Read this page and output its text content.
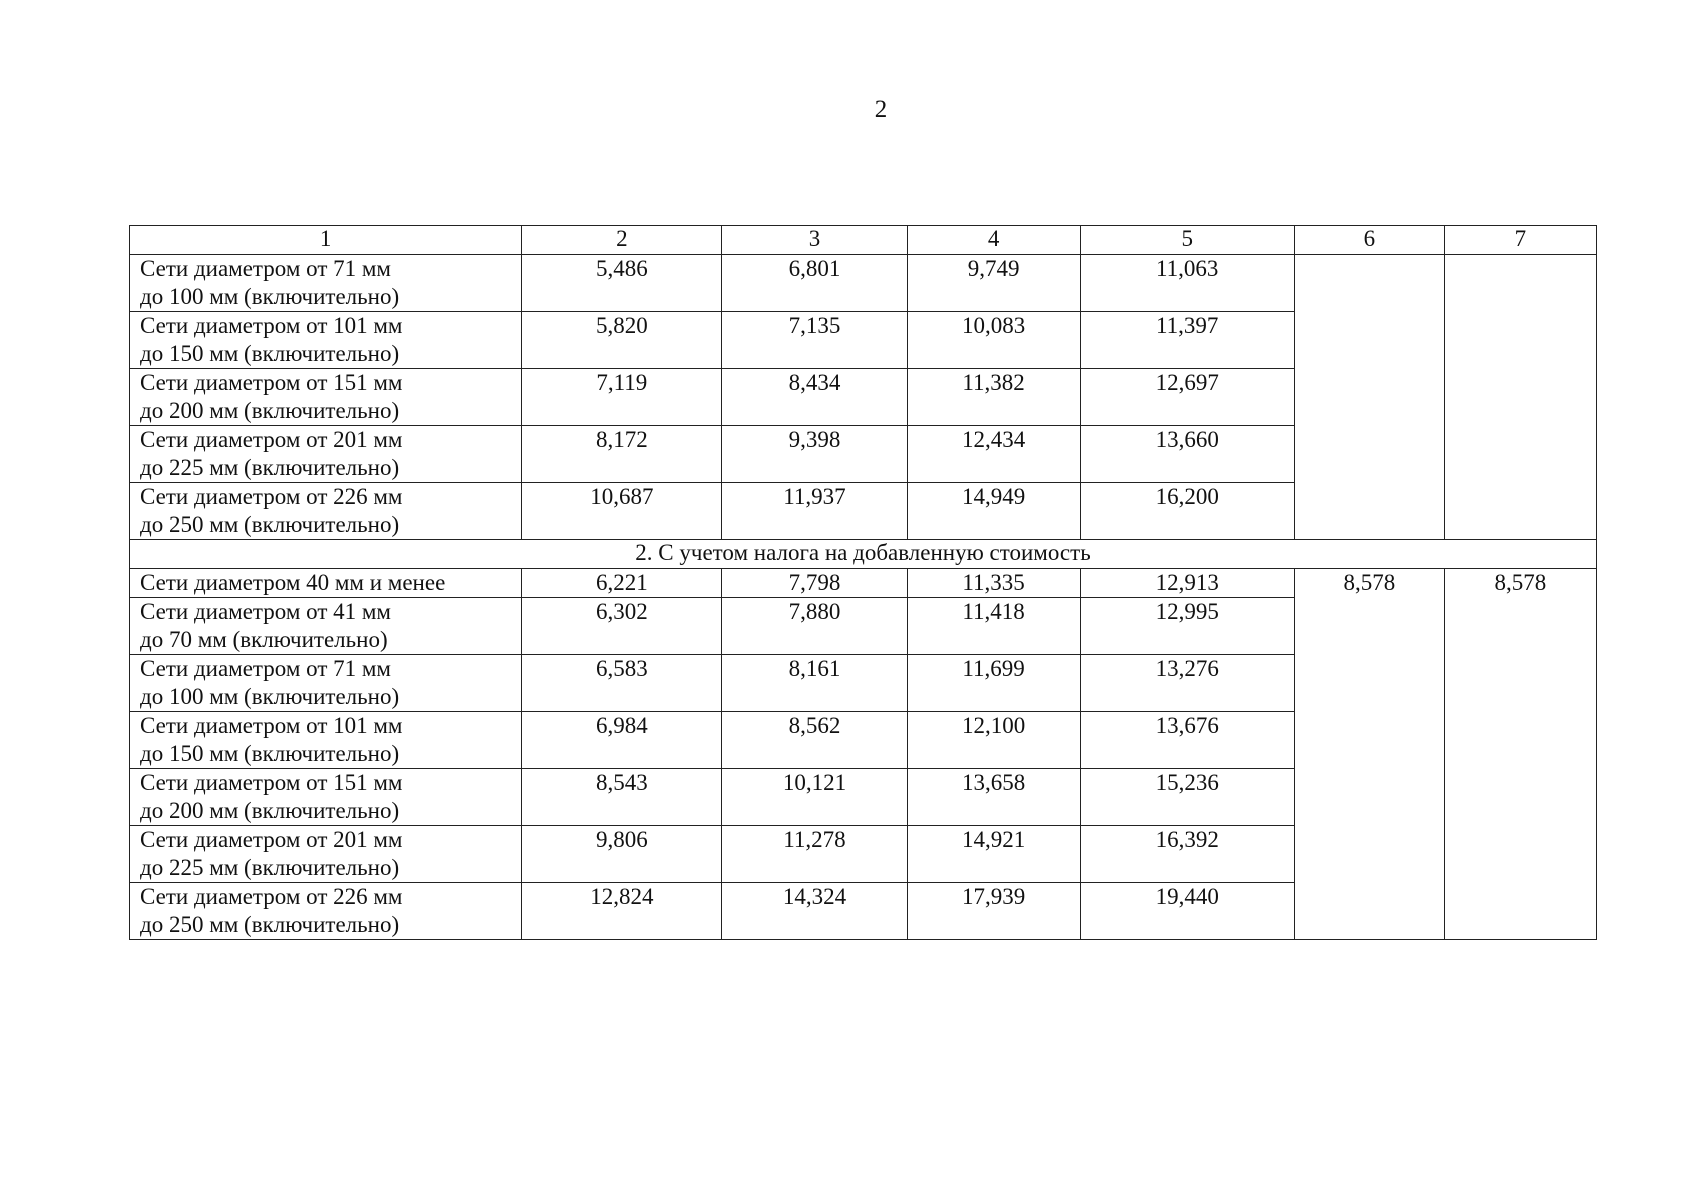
2
1	2	3	4	5	6	7
Сети диаметром от 71 мм
до 100 мм (включительно)	5,486	6,801	9,749	11,063		
Сети диаметром от 101 мм
до 150 мм (включительно)	5,820	7,135	10,083	11,397		
Сети диаметром от 151 мм
до 200 мм (включительно)	7,119	8,434	11,382	12,697		
Сети диаметром от 201 мм
до 225 мм (включительно)	8,172	9,398	12,434	13,660		
Сети диаметром от 226 мм
до 250 мм (включительно)	10,687	11,937	14,949	16,200		
2. С учетом налога на добавленную стоимость						
Сети диаметром 40 мм и менее	6,221	7,798	11,335	12,913	8,578	8,578
Сети диаметром от 41 мм
до 70 мм (включительно)	6,302	7,880	11,418	12,995		
Сети диаметром от 71 мм
до 100 мм (включительно)	6,583	8,161	11,699	13,276		
Сети диаметром от 101 мм
до 150 мм (включительно)	6,984	8,562	12,100	13,676		
Сети диаметром от 151 мм
до 200 мм (включительно)	8,543	10,121	13,658	15,236		
Сети диаметром от 201 мм
до 225 мм (включительно)	9,806	11,278	14,921	16,392		
Сети диаметром от 226 мм
до 250 мм (включительно)	12,824	14,324	17,939	19,440		
